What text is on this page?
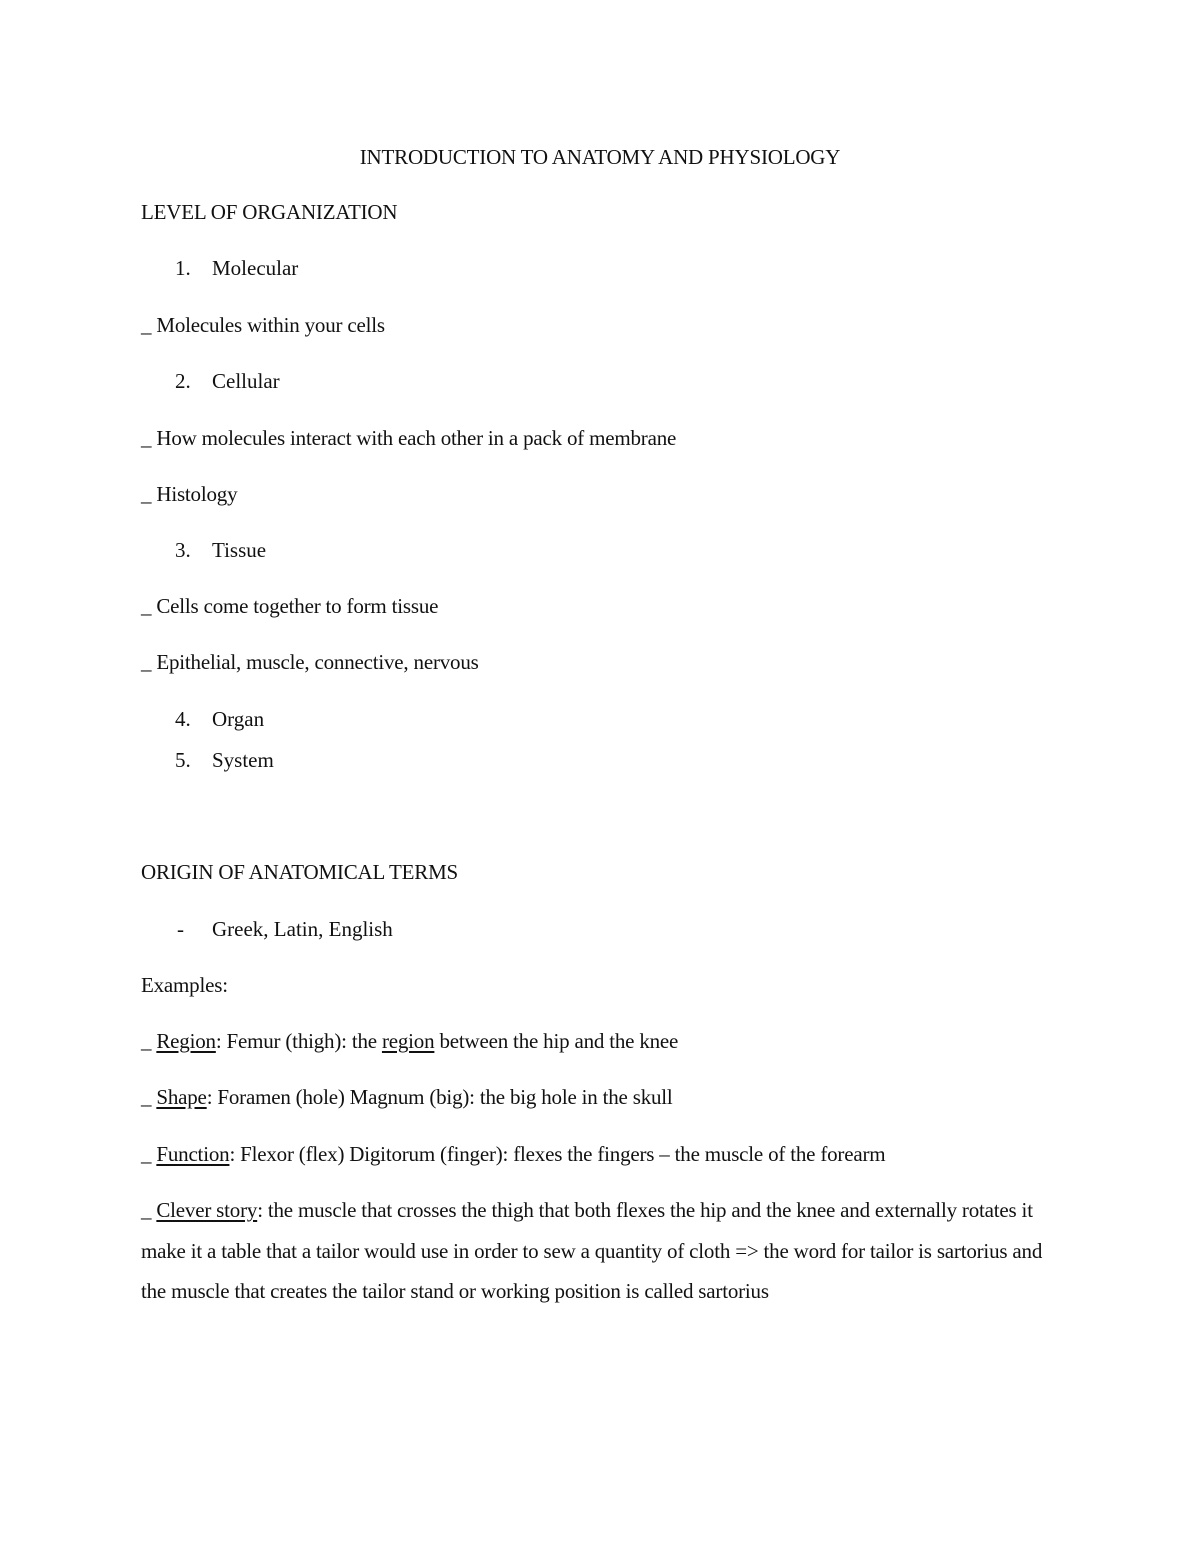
INTRODUCTION TO ANATOMY AND PHYSIOLOGY
LEVEL OF ORGANIZATION
1. Molecular
_ Molecules within your cells
2. Cellular
_ How molecules interact with each other in a pack of membrane
_ Histology
3. Tissue
_ Cells come together to form tissue
_ Epithelial, muscle, connective, nervous
4. Organ
5. System
ORIGIN OF ANATOMICAL TERMS
- Greek, Latin, English
Examples:
_ Region: Femur (thigh): the region between the hip and the knee
_ Shape: Foramen (hole) Magnum (big): the big hole in the skull
_ Function: Flexor (flex) Digitorum (finger): flexes the fingers – the muscle of the forearm
_ Clever story: the muscle that crosses the thigh that both flexes the hip and the knee and externally rotates it make it a table that a tailor would use in order to sew a quantity of cloth => the word for tailor is sartorius and the muscle that creates the tailor stand or working position is called sartorius
